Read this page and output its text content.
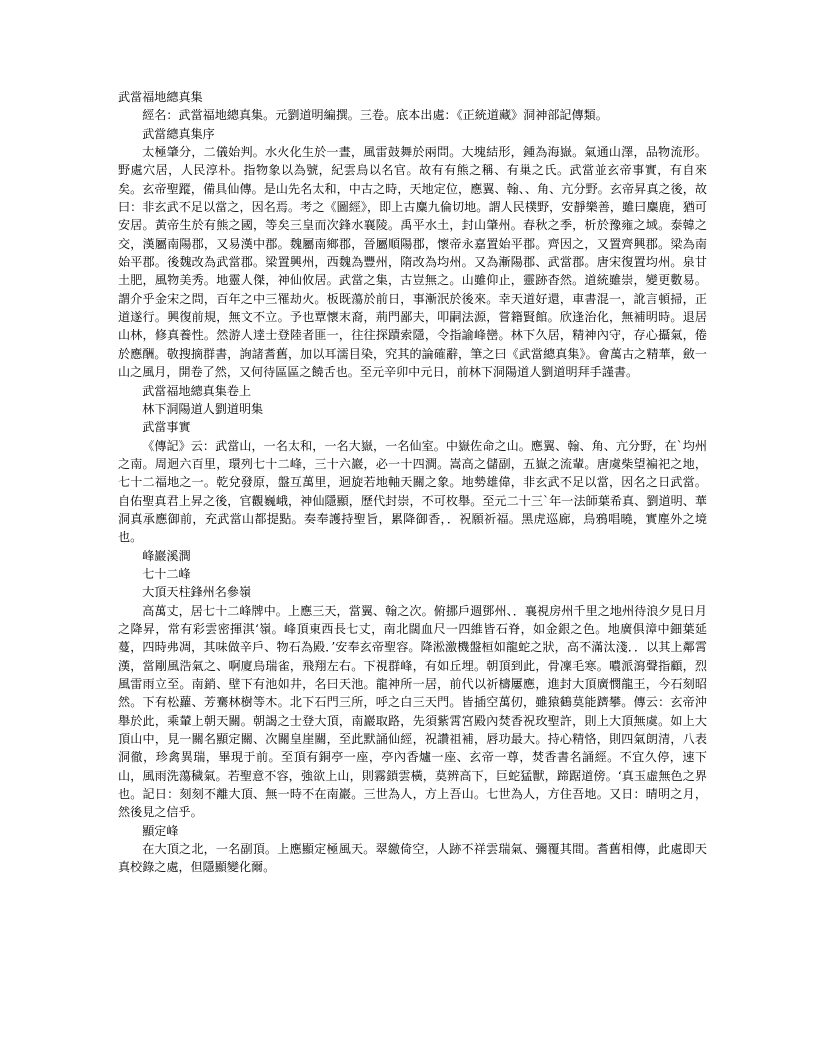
武當福地總真集

經名：武當福地總真集。元劉道明編撰。三卷。底本出處：《正統道藏》洞神部記傳類。

武當總真集序

太極肇分，二儀始判。水火化生於一晝，風雷鼓舞於兩問。大塊結形，鍾為海嶽。氣通山澤，品物流形。野處穴居，人民淳朴。指物象以為號，紀雲烏以名官。故有有熊之稱、有巢之氏。武當並玄帝事實，有自來矣。玄帝聖蹤，備具仙傳。是山先名太和，中古之時，天地定位，應翼、翰、、角、亢分野。玄帝昇真之後，故曰：非玄武不足以當之，因名焉。考之《圖經》，即上古麋九倫切地。謂人民樸野，安靜樂善，雖曰麋鹿，猶可安居。黃帝生於有熊之國，等矣三皇而次鋒水襄陵。禹平水土，封山肇州。春秋之季，析於豫雍之域。泰韓之交，漢屬南陽郡，又易漢中郡。魏屬南鄉郡，晉屬順陽郡，懷帝永嘉置始平郡。齊因之，又置齊興郡。梁為南始平郡。後魏改為武當郡。梁置興州，西魏為豐州，隋改為均州。又為漸陽郡、武當郡。唐宋復置均州。泉甘土肥，風物美秀。地靈人傑，神仙攸居。武當之集，古豈無之。山雖仰止，靈跡杳然。道統雖崇，變更數易。謂介乎金宋之問，百年之中三罹劫火。板既蕩於前日，事漸泯於後來。幸天道好還，車書混一，訛言頓掃，正道遂行。興復前規，無文不立。予也覃懷末裔，荊門鄙夫，叩嗣法源，嘗籍賢館。欣逢治化，無補明時。退居山林，修真養性。然游人達士登陸者匪一，往往探蹟索隱，令指諭峰巒。林下久居，精神內守，存心攝氣，倦於應酬。敬搜摘群書，詢諸耆舊，加以耳濡目染，究其的論確辭，筆之曰《武當總真集》。會萬古之精華，斂一山之風月，開卷了然，又何待區區之饒舌也。至元辛卯中元日，前林下洞陽道人劉道明拜手謹書。

武當福地總真集卷上

林下洞陽道人劉道明集

武當事實

《傳記》云：武當山，一名太和，一名大嶽，一名仙室。中嶽佐命之山。應翼、翰、角、亢分野，在ˋ均州之南。周迴六百里，環列七十二峰，三十六巖，必一十四澗。嵩高之儲副，五嶽之流輩。唐虞柴望褊祀之地，七十二福地之一。乾兌發原，盤互萬里，迴旋若地軸天關之象。地勢雄偉，非玄武不足以當，因名之日武當。自佑聖真君上昇之後，官觀巍峨，神仙隱顯，歷代封崇，不可枚舉。至元二十三ˋ年一法師葉希真、劉道明、華洞真承應御前，充武當山都提點。奏奉護持聖旨，累降御香，．祝願祈福。黑虎巡廊，烏鴉唱曉，實塵外之境也。

峰巖溪澗

七十二峰

大頂天柱鋒州名參嶺

高萬丈，居七十二峰牌中。上應三天，當翼、翰之次。俯挪戶週鄧州、．襄視房州千里之地州待浪夕見日月之降昇，常有彩雲密揮淇‘嶺。峰頂東西長七丈，南北闊血尺一四維皆石脊，如金銀之色。地廣俱漳中鈿葉延蔓，四時弗凋，其味做辛戶、物石為殿．’安奉玄帝聖容。降淞激機盤桓如龍蛇之狀，高不滿汰淺．．以其上鄰霄漢，當剛風浩氣之、啊廈烏瑞雀，飛翔左右。下視群峰，有如丘埋。朝頂到此，骨凜毛寒。噥派瀉聲指顧，烈風雷雨立至。南銷、壁下有池如井，名曰天池。龍神所一居，前代以祈檮屢應，進封大頂廣憫龍王，今石刻昭然。下有松蘿、芳騫林樹等木。北下石門三所，呼之白三天門。皆插空萬仞，雖猿鶴莫能躋攀。傳云：玄帝沖舉於此，乘輦上朝天關。朝謁之士登大頂，南巖取路，先須紫霄宮殿內焚香祝玫聖許，則上大頂無虞。如上大頂山中，見一關名顯定關、次關皇崖關，至此默誦仙經，祝讚祖補，唇功最大。持心精恪，則四氣朗清，八表洞徹，珍禽異瑞，畢現于前。至頂有銅亭一座，亭內香爐一座、玄帝一尊，焚香書名誦經。不宜久停，速下山，風雨洗蕩穢氣。若聖意不容，強欲上山，則霧鎖雲橫，莫辨高下，巨蛇猛獸，蹄踞道傍。‘真玉虛無色之界也。記日：刻刻不離大頂、無一時不在南巖。三世為人，方上吾山。七世為人，方住吾地。又日：晴明之月，然後見之信乎。

顯定峰

在大頂之北，一名副頂。上應顯定極風天。翠繳倚空，人跡不祥雲瑞氣、彌覆其間。耆舊相傳，此處即天真校錄之處，但隱顯變化爾。
